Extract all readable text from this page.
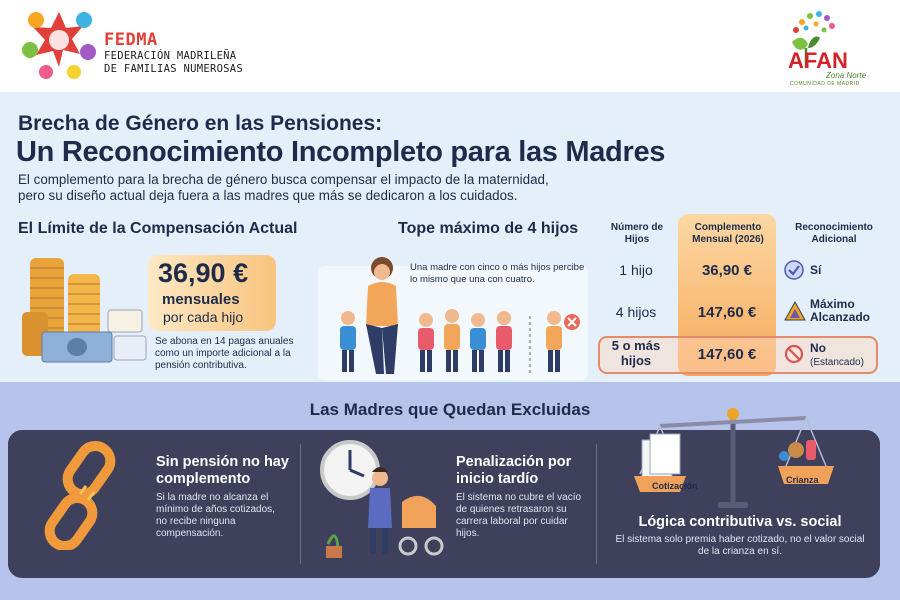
FEDMA
FEDERACIÓN MADRILEÑA
DE FAMILIAS NUMEROSAS	AFAN
Zona Norte
COMUNIDAD DE MADRID
Brecha de Género en las Pensiones:
Un Reconocimiento Incompleto para las Madres
El complemento para la brecha de género busca compensar el impacto de la maternidad, pero su diseño actual deja fuera a las madres que más se dedicaron a los cuidados.
El Límite de la Compensación Actual	Tope máximo de 4 hijos
36,90 €
mensuales
por cada hijo
Se abona en 14 pagas anuales como un importe adicional a la pensión contributiva.
Una madre con cinco o más hijos percibe lo mismo que una con cuatro.
Número de Hijos
Complemento Mensual (2026)
Reconocimiento Adicional
1 hijo	36,90 €	Sí
4 hijos	147,60 €	Máximo Alcanzado
5 o más hijos	147,60 €	No
(Estancado)
Las Madres que Quedan Excluidas
Sin pensión no hay complemento
Si la madre no alcanza el mínimo de años cotizados, no recibe ninguna compensación.
Penalización por inicio tardío
El sistema no cubre el vacío de quienes retrasaron su carrera laboral por cuidar hijos.
Cotización
Crianza
Lógica contributiva vs. social
El sistema solo premia haber cotizado, no el valor social de la crianza en sí.
